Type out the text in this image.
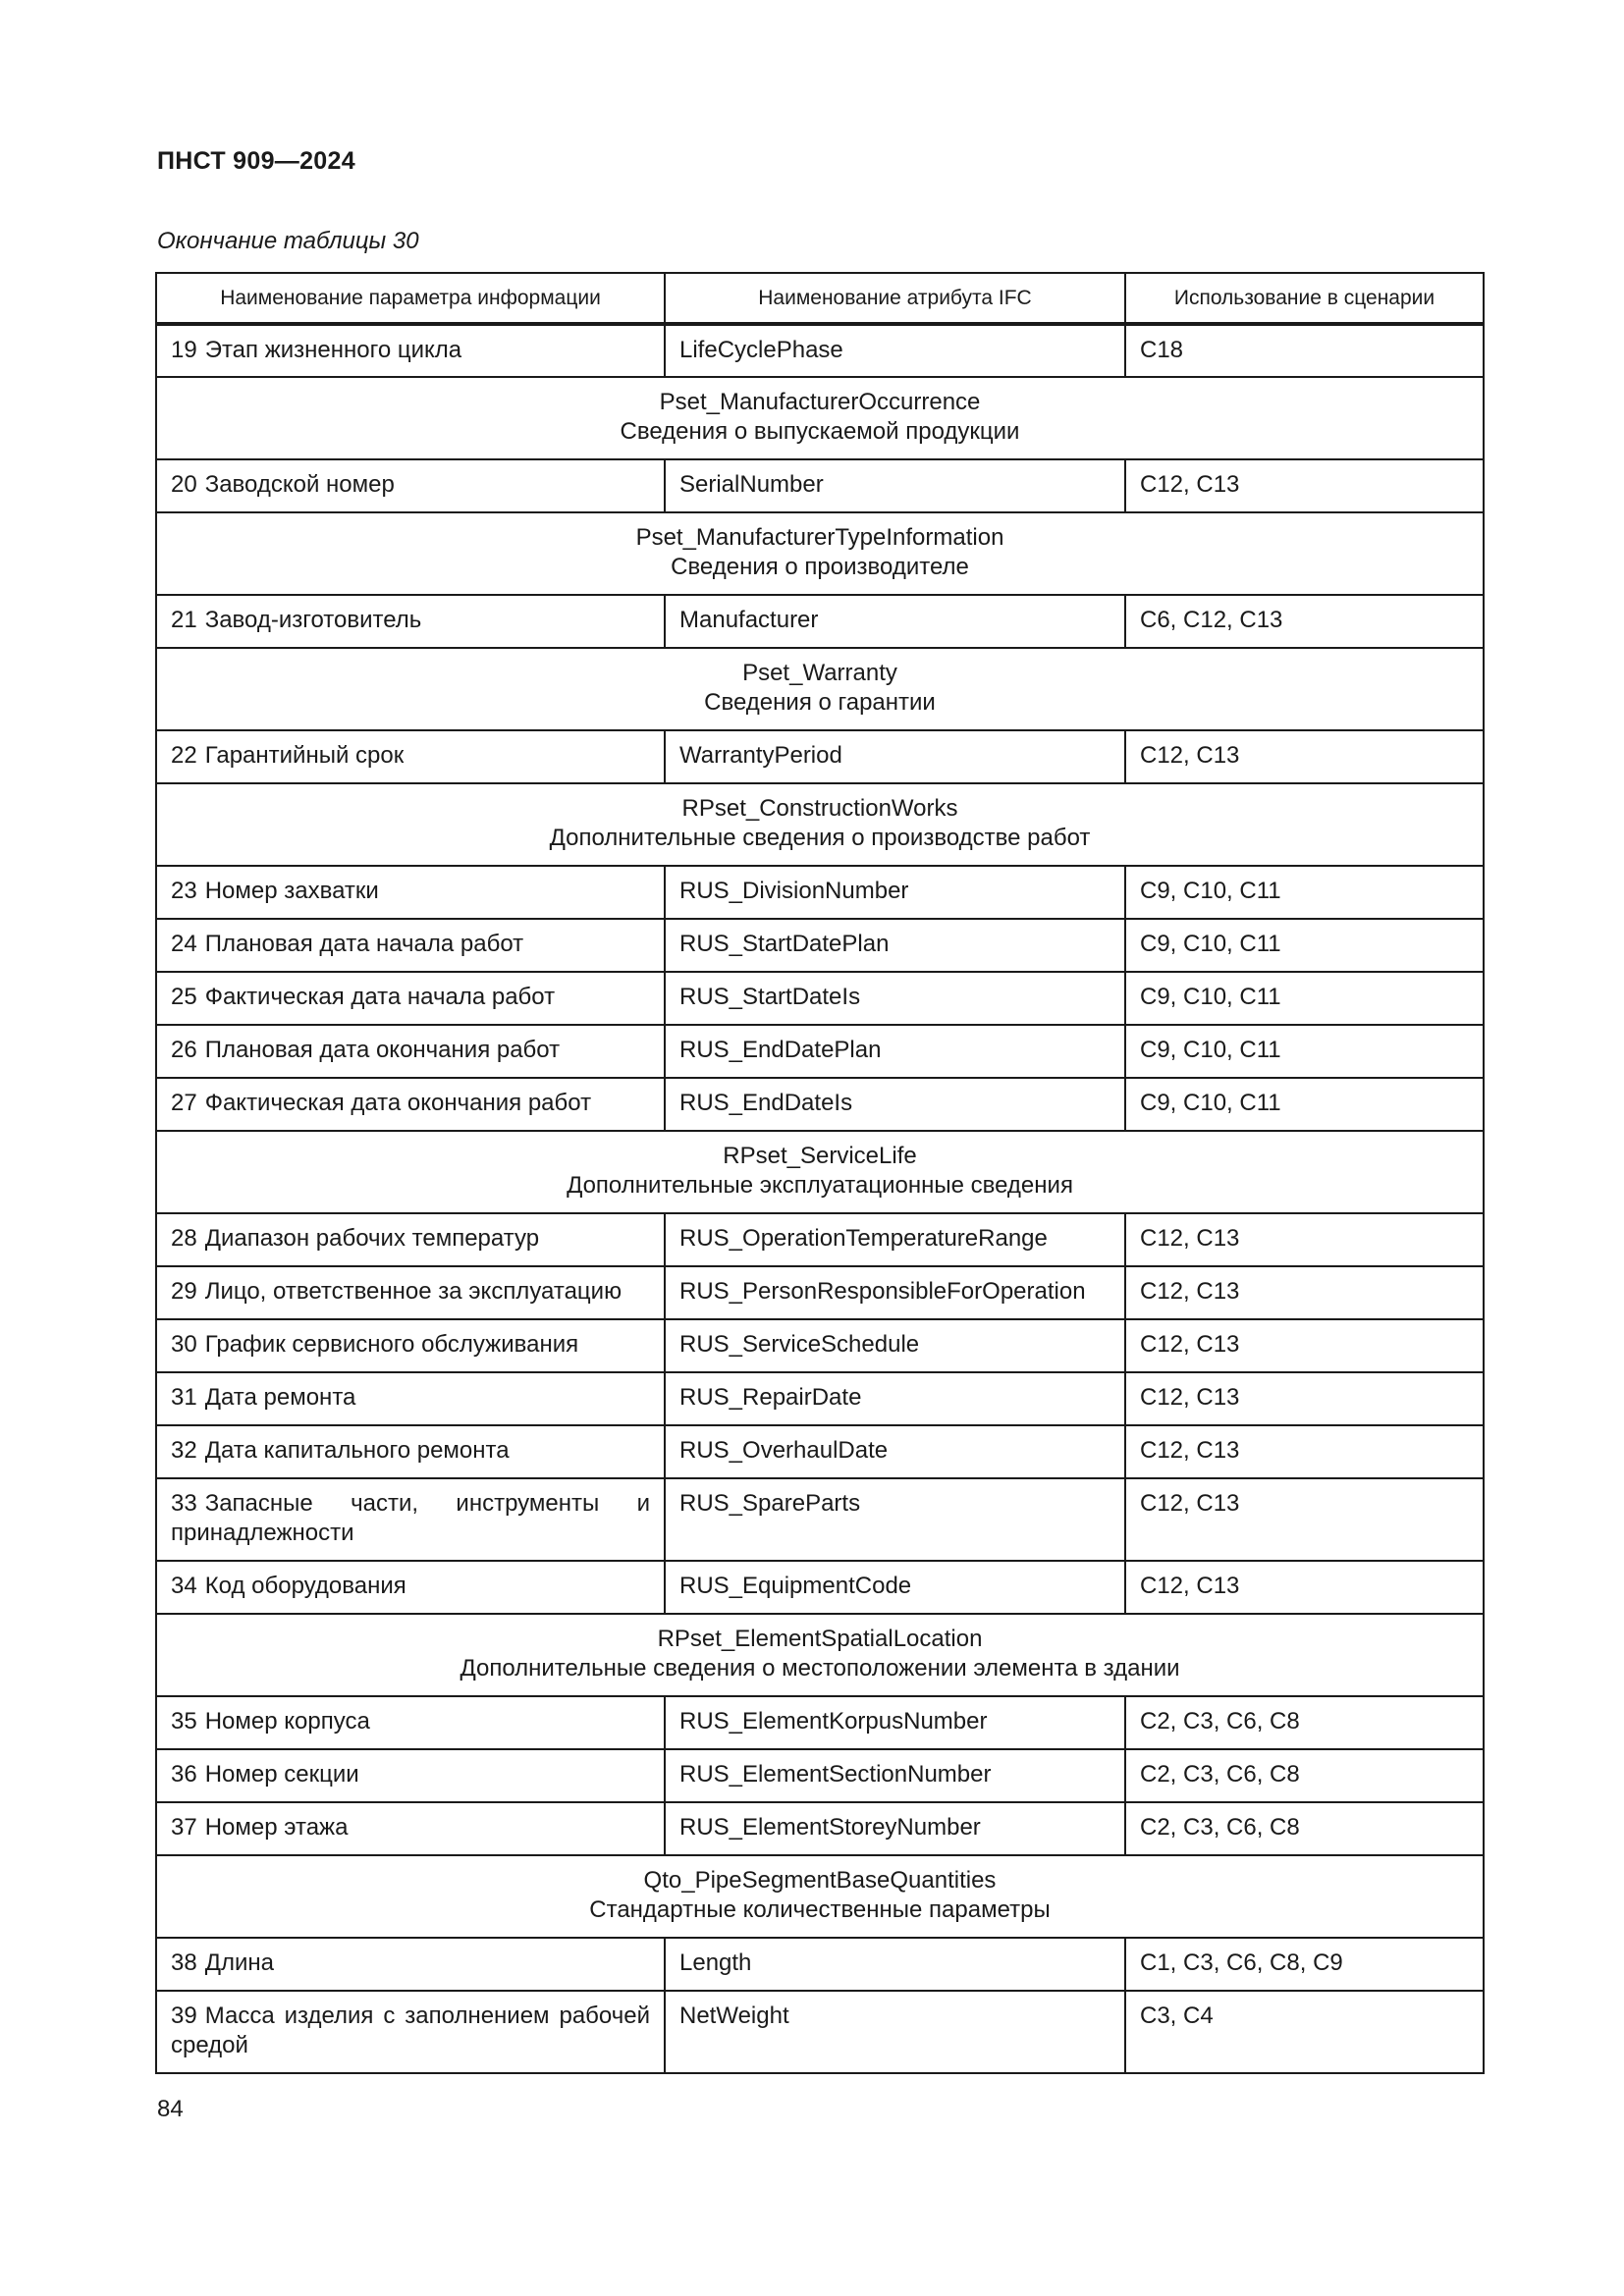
ПНСТ 909—2024
Окончание таблицы 30
Наименование параметра информации	Наименование атрибута IFC	Использование в сценарии

19 Этап жизненного цикла	LifeCyclePhase	C18

Pset_ManufacturerOccurrence
Сведения о выпускаемой продукции		

20 Заводской номер	SerialNumber	C12, C13

Pset_ManufacturerTypeInformation
Сведения о производителе		

21 Завод-изготовитель	Manufacturer	C6, C12, C13

Pset_Warranty
Сведения о гарантии		

22 Гарантийный срок	WarrantyPeriod	C12, C13

RPset_ConstructionWorks
Дополнительные сведения о производстве работ		

23 Номер захватки	RUS_DivisionNumber	C9, C10, C11

24 Плановая дата начала работ	RUS_StartDatePlan	C9, C10, C11

25 Фактическая дата начала работ	RUS_StartDateIs	C9, C10, C11

26 Плановая дата окончания работ	RUS_EndDatePlan	C9, C10, C11

27 Фактическая дата окончания работ	RUS_EndDateIs	C9, C10, C11

RPset_ServiceLife
Дополнительные эксплуатационные сведения		

28 Диапазон рабочих температур	RUS_OperationTemperatureRange	C12, C13

29 Лицо, ответственное за эксплуатацию	RUS_PersonResponsibleForOperation	C12, C13

30 График сервисного обслуживания	RUS_ServiceSchedule	C12, C13

31 Дата ремонта	RUS_RepairDate	C12, C13

32 Дата капитального ремонта	RUS_OverhaulDate	C12, C13

33 Запасные части, инструменты и принадлежности	RUS_SpareParts	C12, C13

34 Код оборудования	RUS_EquipmentCode	C12, C13

RPset_ElementSpatialLocation
Дополнительные сведения о местоположении элемента в здании		

35 Номер корпуса	RUS_ElementKorpusNumber	C2, C3, C6, C8

36 Номер секции	RUS_ElementSectionNumber	C2, C3, C6, C8

37 Номер этажа	RUS_ElementStoreyNumber	C2, C3, C6, C8

Qto_PipeSegmentBaseQuantities
Стандартные количественные параметры		

38 Длина	Length	C1, C3, C6, C8, C9

39 Масса изделия с заполнением рабочей средой	NetWeight	C3, C4
84
